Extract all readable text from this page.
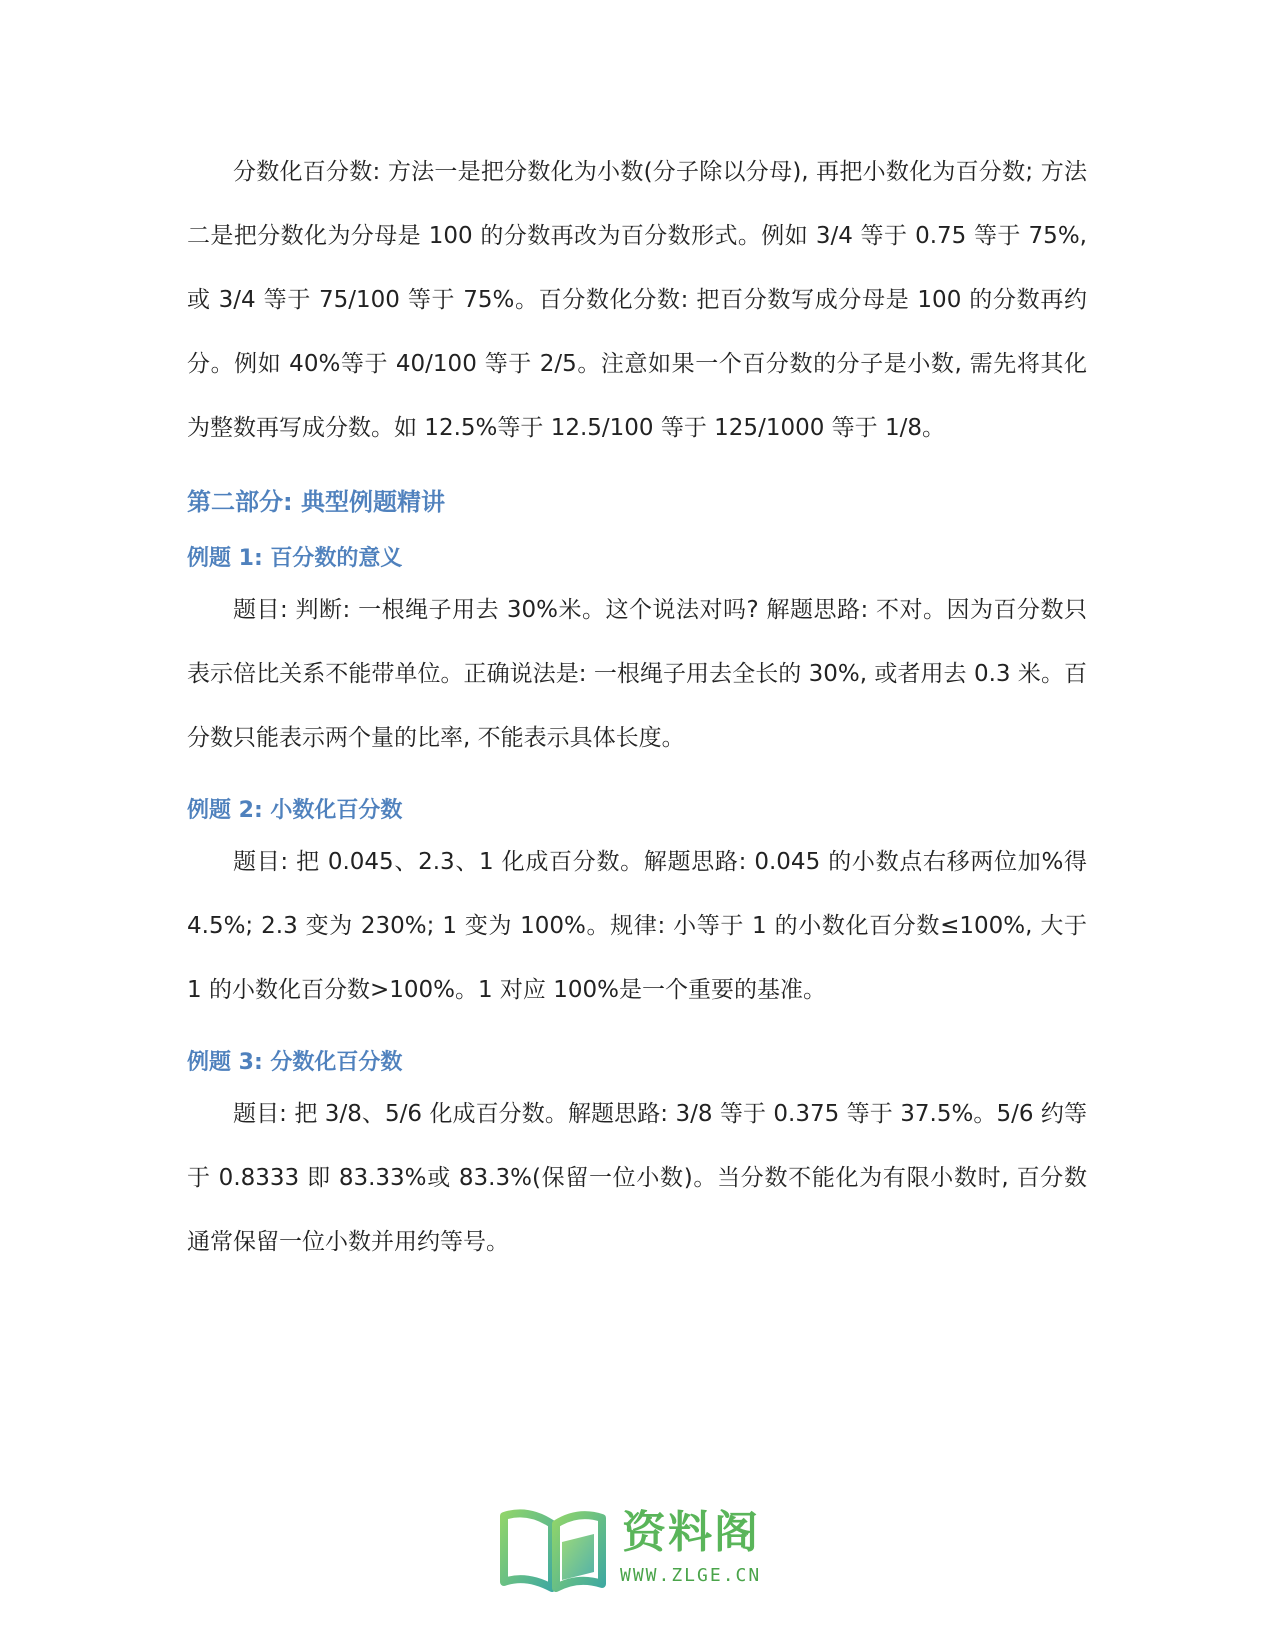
分数化百分数: 方法一是把分数化为小数(分子除以分母), 再把小数化为百分数; 方法二是把分数化为分母是 100 的分数再改为百分数形式。例如 3/4 等于 0.75 等于 75%, 或 3/4 等于 75/100 等于 75%。百分数化分数: 把百分数写成分母是 100 的分数再约分。例如 40%等于 40/100 等于 2/5。注意如果一个百分数的分子是小数, 需先将其化为整数再写成分数。如 12.5%等于 12.5/100 等于 125/1000 等于 1/8。

第二部分: 典型例题精讲
例题 1: 百分数的意义

题目: 判断: 一根绳子用去 30%米。这个说法对吗? 解题思路: 不对。因为百分数只表示倍比关系不能带单位。正确说法是: 一根绳子用去全长的 30%, 或者用去 0.3 米。百分数只能表示两个量的比率, 不能表示具体长度。

例题 2: 小数化百分数

题目: 把 0.045、2.3、1 化成百分数。解题思路: 0.045 的小数点右移两位加%得 4.5%; 2.3 变为 230%; 1 变为 100%。规律: 小等于 1 的小数化百分数≤100%, 大于 1 的小数化百分数>100%。1 对应 100%是一个重要的基准。

例题 3: 分数化百分数

题目: 把 3/8、5/6 化成百分数。解题思路: 3/8 等于 0.375 等于 37.5%。5/6 约等于 0.8333 即 83.33%或 83.3%(保留一位小数)。当分数不能化为有限小数时, 百分数通常保留一位小数并用约等号。

资料阁
WWW.ZLGE.CN
